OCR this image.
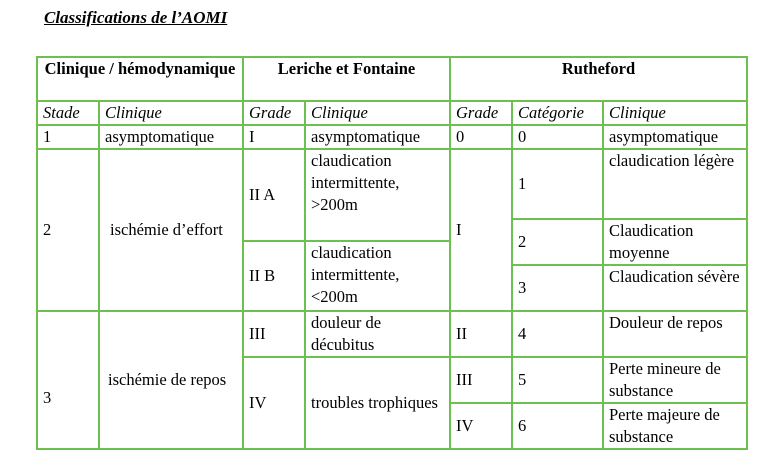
Classifications de l’AOMI
Clinique / hémodynamique		Leriche et Fontaine		Rutheford		
Stade	Clinique	Grade	Clinique	Grade	Catégorie	Clinique
1	asymptomatique	I	asymptomatique	0	0	asymptomatique
2	ischémie d’effort	II A	claudication intermittente, >200m	I	1	claudication légère

					2	Claudication moyenne
		II B	claudication intermittente, <200m			
					3	Claudication sévère

3	ischémie de repos	III	douleur de décubitus	II	4	Douleur de repos
		IV	troubles trophiques	III	5	Perte mineure de substance
				IV	6	Perte majeure de substance
